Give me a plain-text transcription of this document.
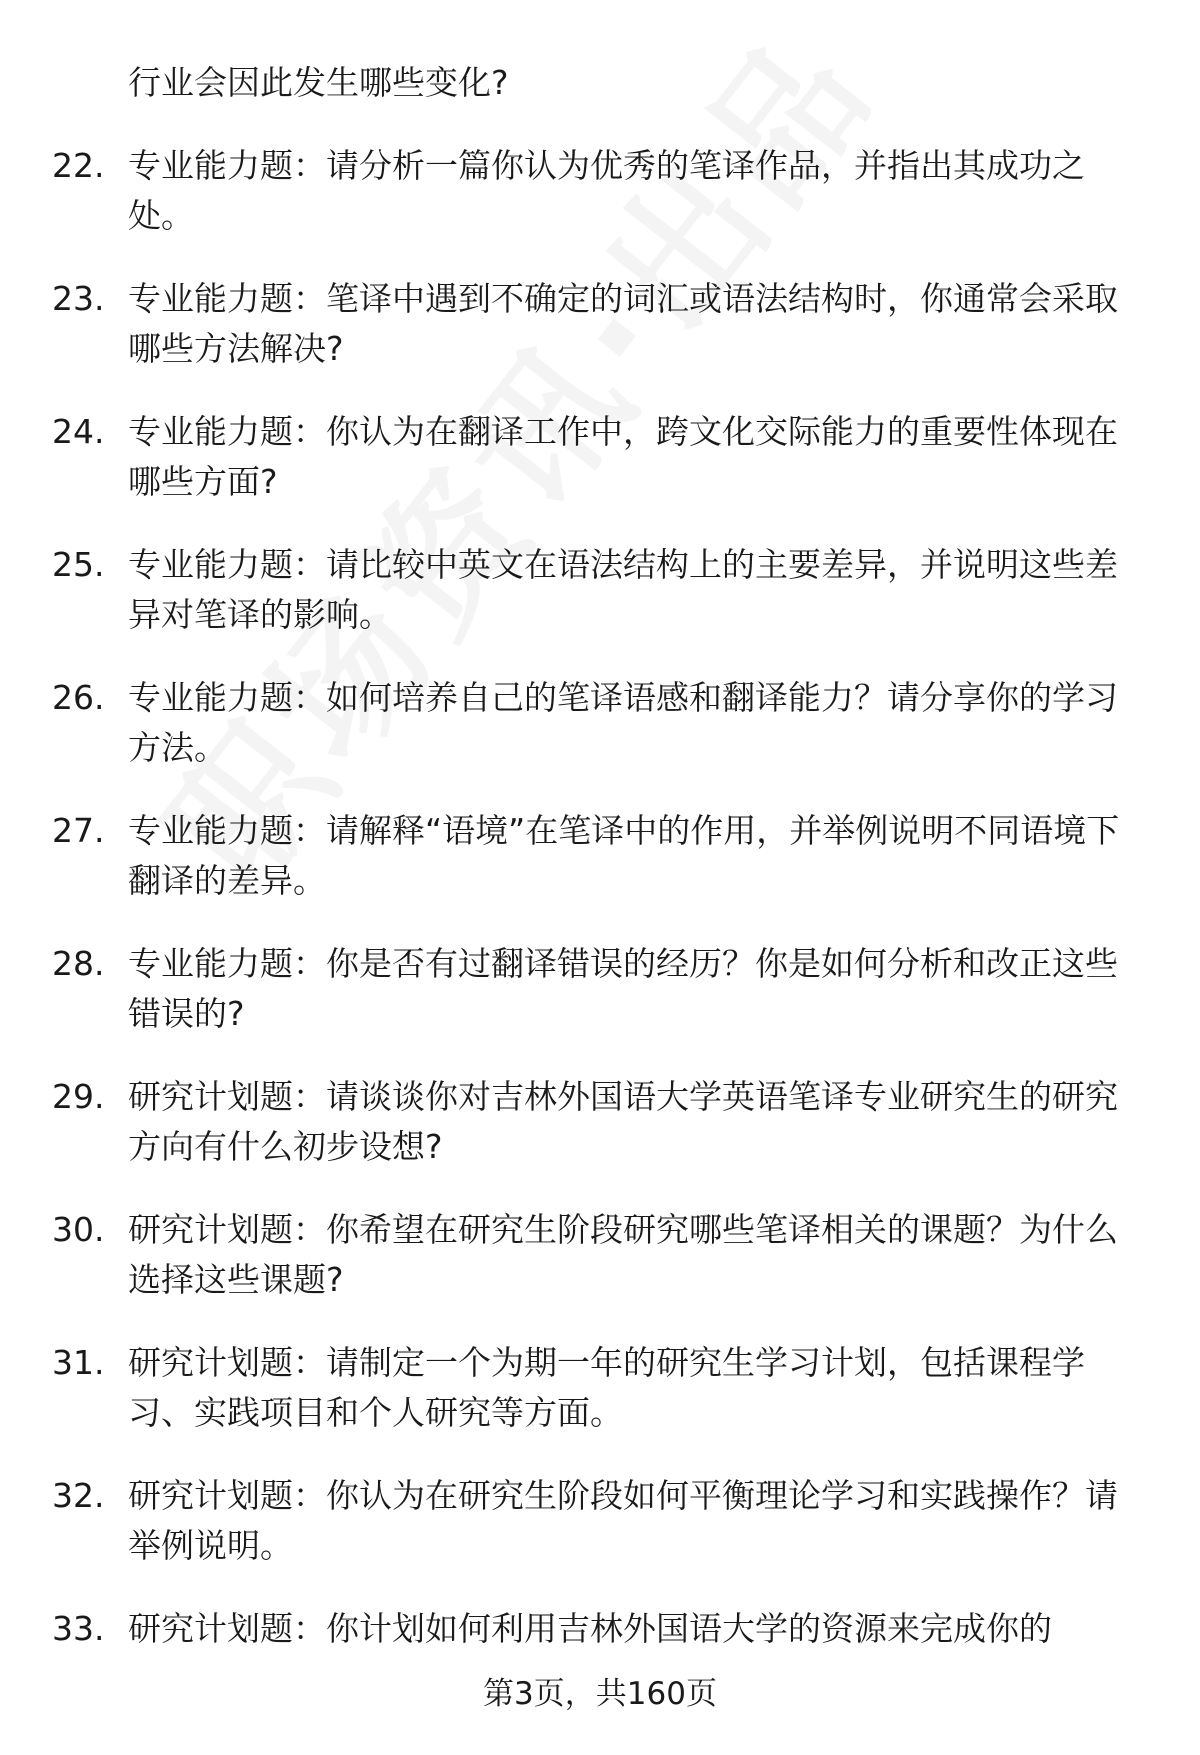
行业会因此发生哪些变化?
22. 专业能力题：请分析一篇你认为优秀的笔译作品，并指出其成功之处。
23. 专业能力题：笔译中遇到不确定的词汇或语法结构时，你通常会采取哪些方法解决?
24. 专业能力题：你认为在翻译工作中，跨文化交际能力的重要性体现在哪些方面?
25. 专业能力题：请比较中英文在语法结构上的主要差异，并说明这些差异对笔译的影响。
26. 专业能力题：如何培养自己的笔译语感和翻译能力？请分享你的学习方法。
27. 专业能力题：请解释“语境”在笔译中的作用，并举例说明不同语境下翻译的差异。
28. 专业能力题：你是否有过翻译错误的经历？你是如何分析和改正这些错误的?
29. 研究计划题：请谈谈你对吉林外国语大学英语笔译专业研究生的研究方向有什么初步设想?
30. 研究计划题：你希望在研究生阶段研究哪些笔译相关的课题？为什么选择这些课题?
31. 研究计划题：请制定一个为期一年的研究生学习计划，包括课程学习、实践项目和个人研究等方面。
32. 研究计划题：你认为在研究生阶段如何平衡理论学习和实践操作？请举例说明。
33. 研究计划题：你计划如何利用吉林外国语大学的资源来完成你的
第3页，共160页
